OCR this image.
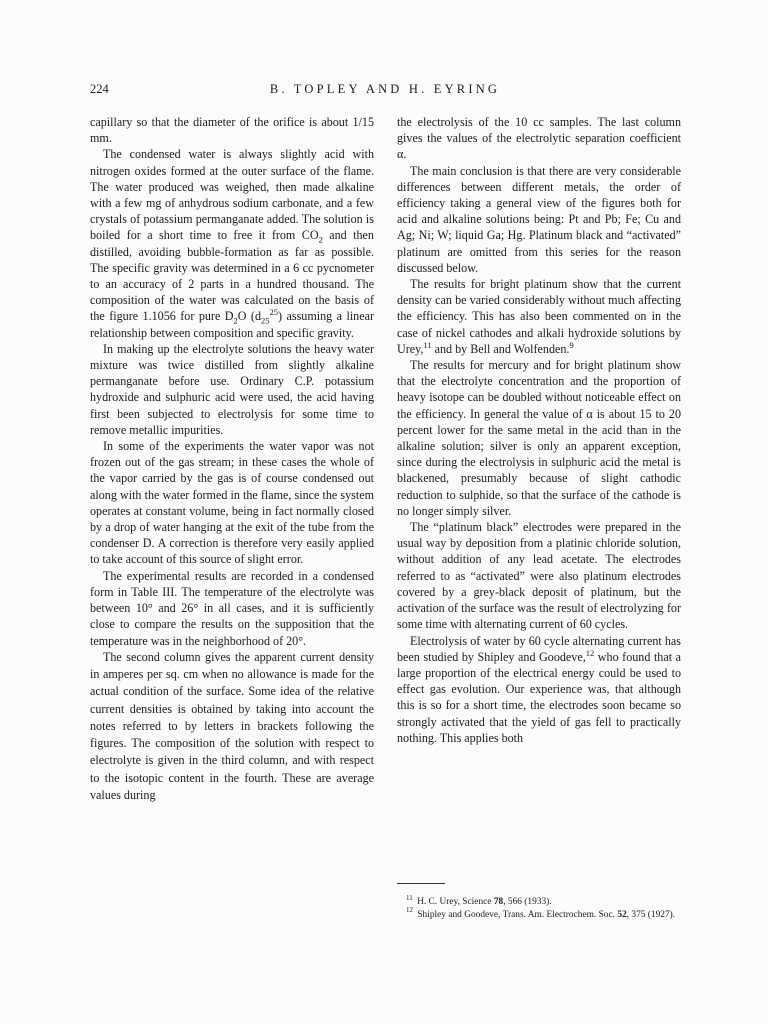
224	B. TOPLEY AND H. EYRING

capillary so that the diameter of the orifice is about 1/15 mm.

The condensed water is always slightly acid with nitrogen oxides formed at the outer surface of the flame. The water produced was weighed, then made alkaline with a few mg of anhydrous sodium carbonate, and a few crystals of potassium permanganate added. The solution is boiled for a short time to free it from $CO_2$ and then distilled, avoiding bubble-formation as far as possible. The specific gravity was determined in a 6 cc pycnometer to an accuracy of 2 parts in a hundred thousand. The composition of the water was calculated on the basis of the figure 1.1056 for pure $D_2O$ $(d_{25}^{25})$ assuming a linear relationship between composition and specific gravity.

In making up the electrolyte solutions the heavy water mixture was twice distilled from slightly alkaline permanganate before use. Ordinary C.P. potassium hydroxide and sulphuric acid were used, the acid having first been subjected to electrolysis for some time to remove metallic impurities.

In some of the experiments the water vapor was not frozen out of the gas stream; in these cases the whole of the vapor carried by the gas is of course condensed out along with the water formed in the flame, since the system operates at constant volume, being in fact normally closed by a drop of water hanging at the exit of the tube from the condenser D. A correction is therefore very easily applied to take account of this source of slight error.

The experimental results are recorded in a condensed form in Table III. The temperature of the electrolyte was between 10° and 26° in all cases, and it is sufficiently close to compare the results on the supposition that the temperature was in the neighborhood of 20°.

The second column gives the apparent current density in amperes per sq. cm when no allowance is made for the actual condition of the surface. Some idea of the relative current densities is obtained by taking into account the notes referred to by letters in brackets following the figures. The composition of the solution with respect to electrolyte is given in the third column, and with respect to the isotopic content in the fourth. These are average values during

the electrolysis of the 10 cc samples. The last column gives the values of the electrolytic separation coefficient α.

The main conclusion is that there are very considerable differences between different metals, the order of efficiency taking a general view of the figures both for acid and alkaline solutions being: Pt and Pb; Fe; Cu and Ag; Ni; W; liquid Ga; Hg. Platinum black and “activated” platinum are omitted from this series for the reason discussed below.

The results for bright platinum show that the current density can be varied considerably without much affecting the efficiency. This has also been commented on in the case of nickel cathodes and alkali hydroxide solutions by Urey,$^{11}$ and by Bell and Wolfenden.$^9$

The results for mercury and for bright platinum show that the electrolyte concentration and the proportion of heavy isotope can be doubled without noticeable effect on the efficiency. In general the value of α is about 15 to 20 percent lower for the same metal in the acid than in the alkaline solution; silver is only an apparent exception, since during the electrolysis in sulphuric acid the metal is blackened, presumably because of slight cathodic reduction to sulphide, so that the surface of the cathode is no longer simply silver.

The “platinum black” electrodes were prepared in the usual way by deposition from a platinic chloride solution, without addition of any lead acetate. The electrodes referred to as “activated” were also platinum electrodes covered by a grey-black deposit of platinum, but the activation of the surface was the result of electrolyzing for some time with alternating current of 60 cycles.

Electrolysis of water by 60 cycle alternating current has been studied by Shipley and Goodeve,$^{12}$ who found that a large proportion of the electrical energy could be used to effect gas evolution. Our experience was, that although this is so for a short time, the electrodes soon became so strongly activated that the yield of gas fell to practically nothing. This applies both

$^{11}$ H. C. Urey, Science 78, 566 (1933).

$^{12}$ Shipley and Goodeve, Trans. Am. Electrochem. Soc. 52, 375 (1927).
